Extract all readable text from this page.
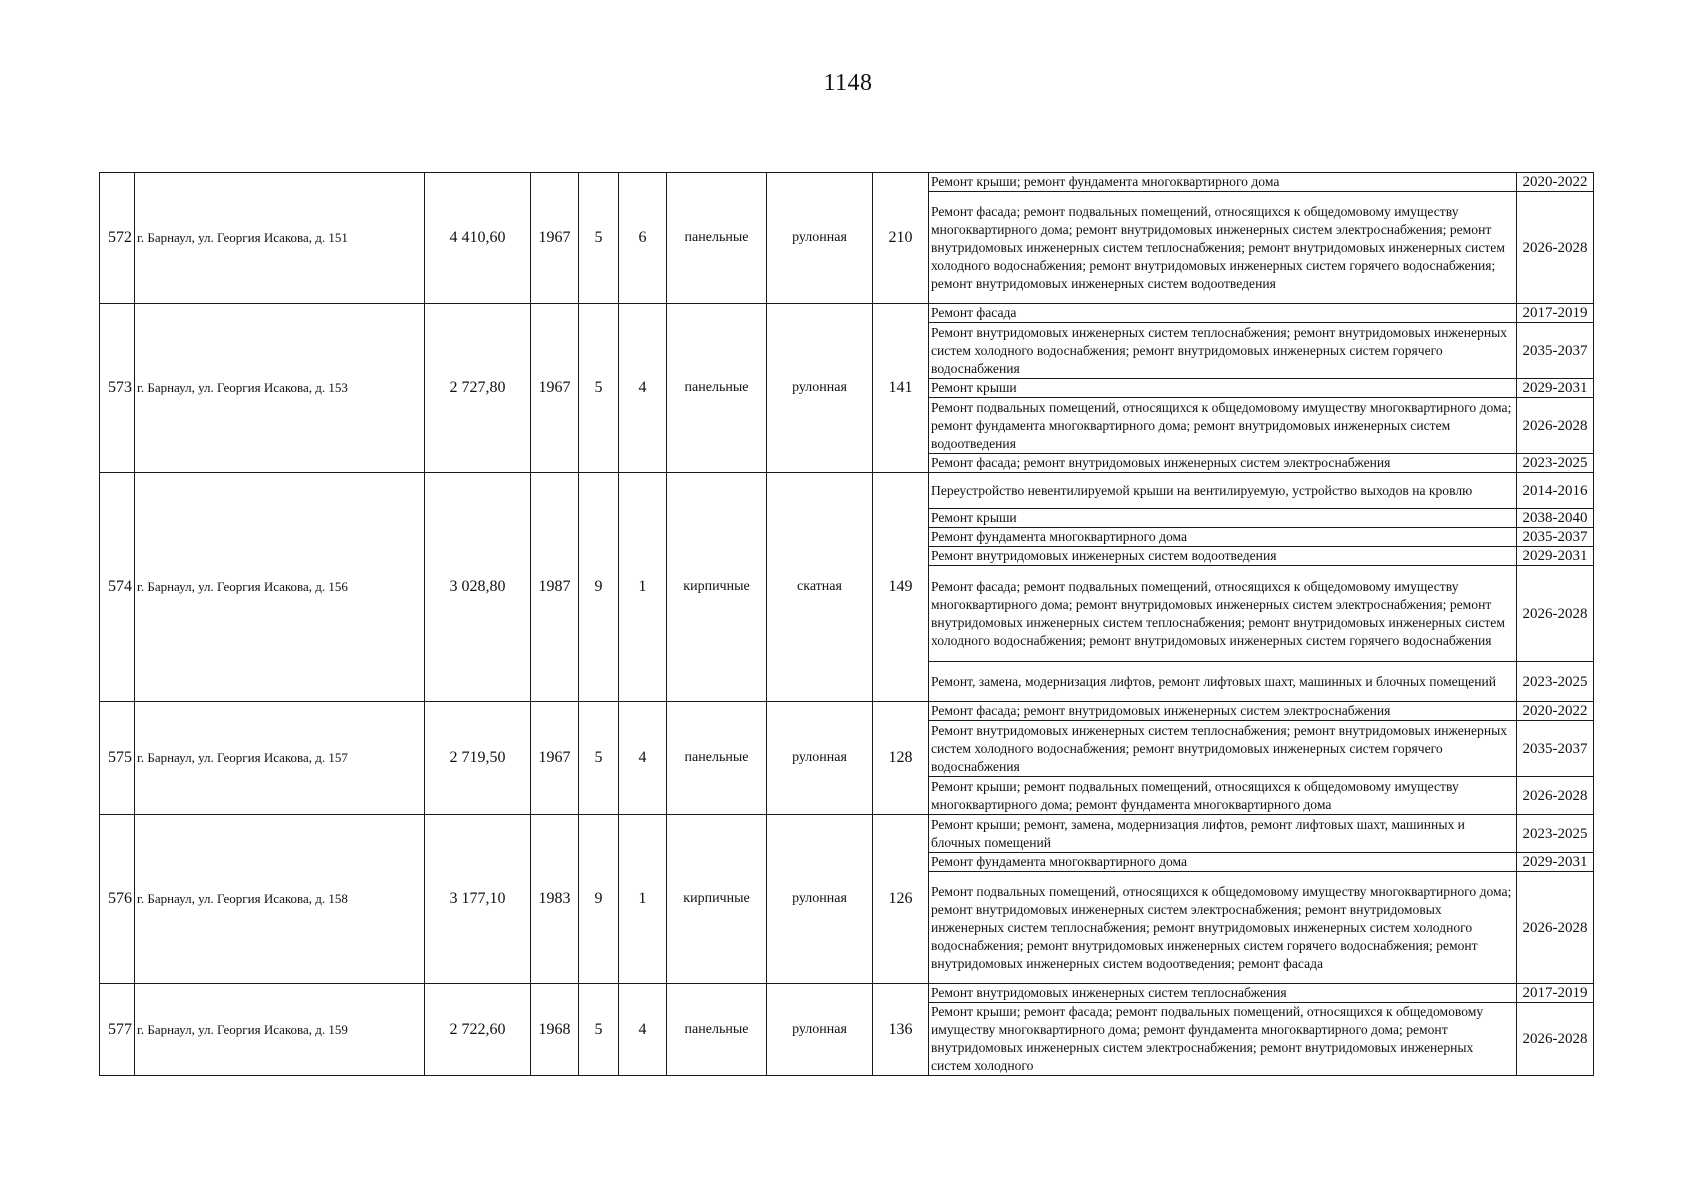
1148
572	г. Барнаул, ул. Георгия Исакова, д. 151	4 410,60	1967	5	6	панельные	рулонная	210	Ремонт крыши; ремонт фундамента многоквартирного дома	2020-2022
									Ремонт фасада; ремонт подвальных помещений, относящихся к общедомовому имуществу многоквартирного дома; ремонт внутридомовых инженерных систем электроснабжения; ремонт внутридомовых инженерных систем теплоснабжения; ремонт внутридомовых инженерных систем холодного водоснабжения; ремонт внутридомовых инженерных систем горячего водоснабжения; ремонт внутридомовых инженерных систем водоотведения	2026-2028
573	г. Барнаул, ул. Георгия Исакова, д. 153	2 727,80	1967	5	4	панельные	рулонная	141	Ремонт фасада	2017-2019
									Ремонт внутридомовых инженерных систем теплоснабжения; ремонт внутридомовых инженерных систем холодного водоснабжения; ремонт внутридомовых инженерных систем горячего водоснабжения	2035-2037
									Ремонт крыши	2029-2031
									Ремонт подвальных помещений, относящихся к общедомовому имуществу многоквартирного дома; ремонт фундамента многоквартирного дома; ремонт внутридомовых инженерных систем водоотведения	2026-2028
									Ремонт фасада; ремонт внутридомовых инженерных систем электроснабжения	2023-2025
574	г. Барнаул, ул. Георгия Исакова, д. 156	3 028,80	1987	9	1	кирпичные	скатная	149	Переустройство невентилируемой крыши на вентилируемую, устройство выходов на кровлю	2014-2016
									Ремонт крыши	2038-2040
									Ремонт фундамента многоквартирного дома	2035-2037
									Ремонт внутридомовых инженерных систем водоотведения	2029-2031
									Ремонт фасада; ремонт подвальных помещений, относящихся к общедомовому имуществу многоквартирного дома; ремонт внутридомовых инженерных систем электроснабжения; ремонт внутридомовых инженерных систем теплоснабжения; ремонт внутридомовых инженерных систем холодного водоснабжения; ремонт внутридомовых инженерных систем горячего водоснабжения	2026-2028
									Ремонт, замена, модернизация лифтов, ремонт лифтовых шахт, машинных и блочных помещений	2023-2025
575	г. Барнаул, ул. Георгия Исакова, д. 157	2 719,50	1967	5	4	панельные	рулонная	128	Ремонт фасада; ремонт внутридомовых инженерных систем электроснабжения	2020-2022
									Ремонт внутридомовых инженерных систем теплоснабжения; ремонт внутридомовых инженерных систем холодного водоснабжения; ремонт внутридомовых инженерных систем горячего водоснабжения	2035-2037
									Ремонт крыши; ремонт подвальных помещений, относящихся к общедомовому имуществу многоквартирного дома; ремонт фундамента многоквартирного дома	2026-2028
576	г. Барнаул, ул. Георгия Исакова, д. 158	3 177,10	1983	9	1	кирпичные	рулонная	126	Ремонт крыши; ремонт, замена, модернизация лифтов, ремонт лифтовых шахт, машинных и блочных помещений	2023-2025
									Ремонт фундамента многоквартирного дома	2029-2031
									Ремонт подвальных помещений, относящихся к общедомовому имуществу многоквартирного дома; ремонт внутридомовых инженерных систем электроснабжения; ремонт внутридомовых инженерных систем теплоснабжения; ремонт внутридомовых инженерных систем холодного водоснабжения; ремонт внутридомовых инженерных систем горячего водоснабжения; ремонт внутридомовых инженерных систем водоотведения; ремонт фасада	2026-2028
577	г. Барнаул, ул. Георгия Исакова, д. 159	2 722,60	1968	5	4	панельные	рулонная	136	Ремонт внутридомовых инженерных систем теплоснабжения	2017-2019
									Ремонт крыши; ремонт фасада; ремонт подвальных помещений, относящихся к общедомовому имуществу многоквартирного дома; ремонт фундамента многоквартирного дома; ремонт внутридомовых инженерных систем электроснабжения; ремонт внутридомовых инженерных систем холодного	2026-2028
